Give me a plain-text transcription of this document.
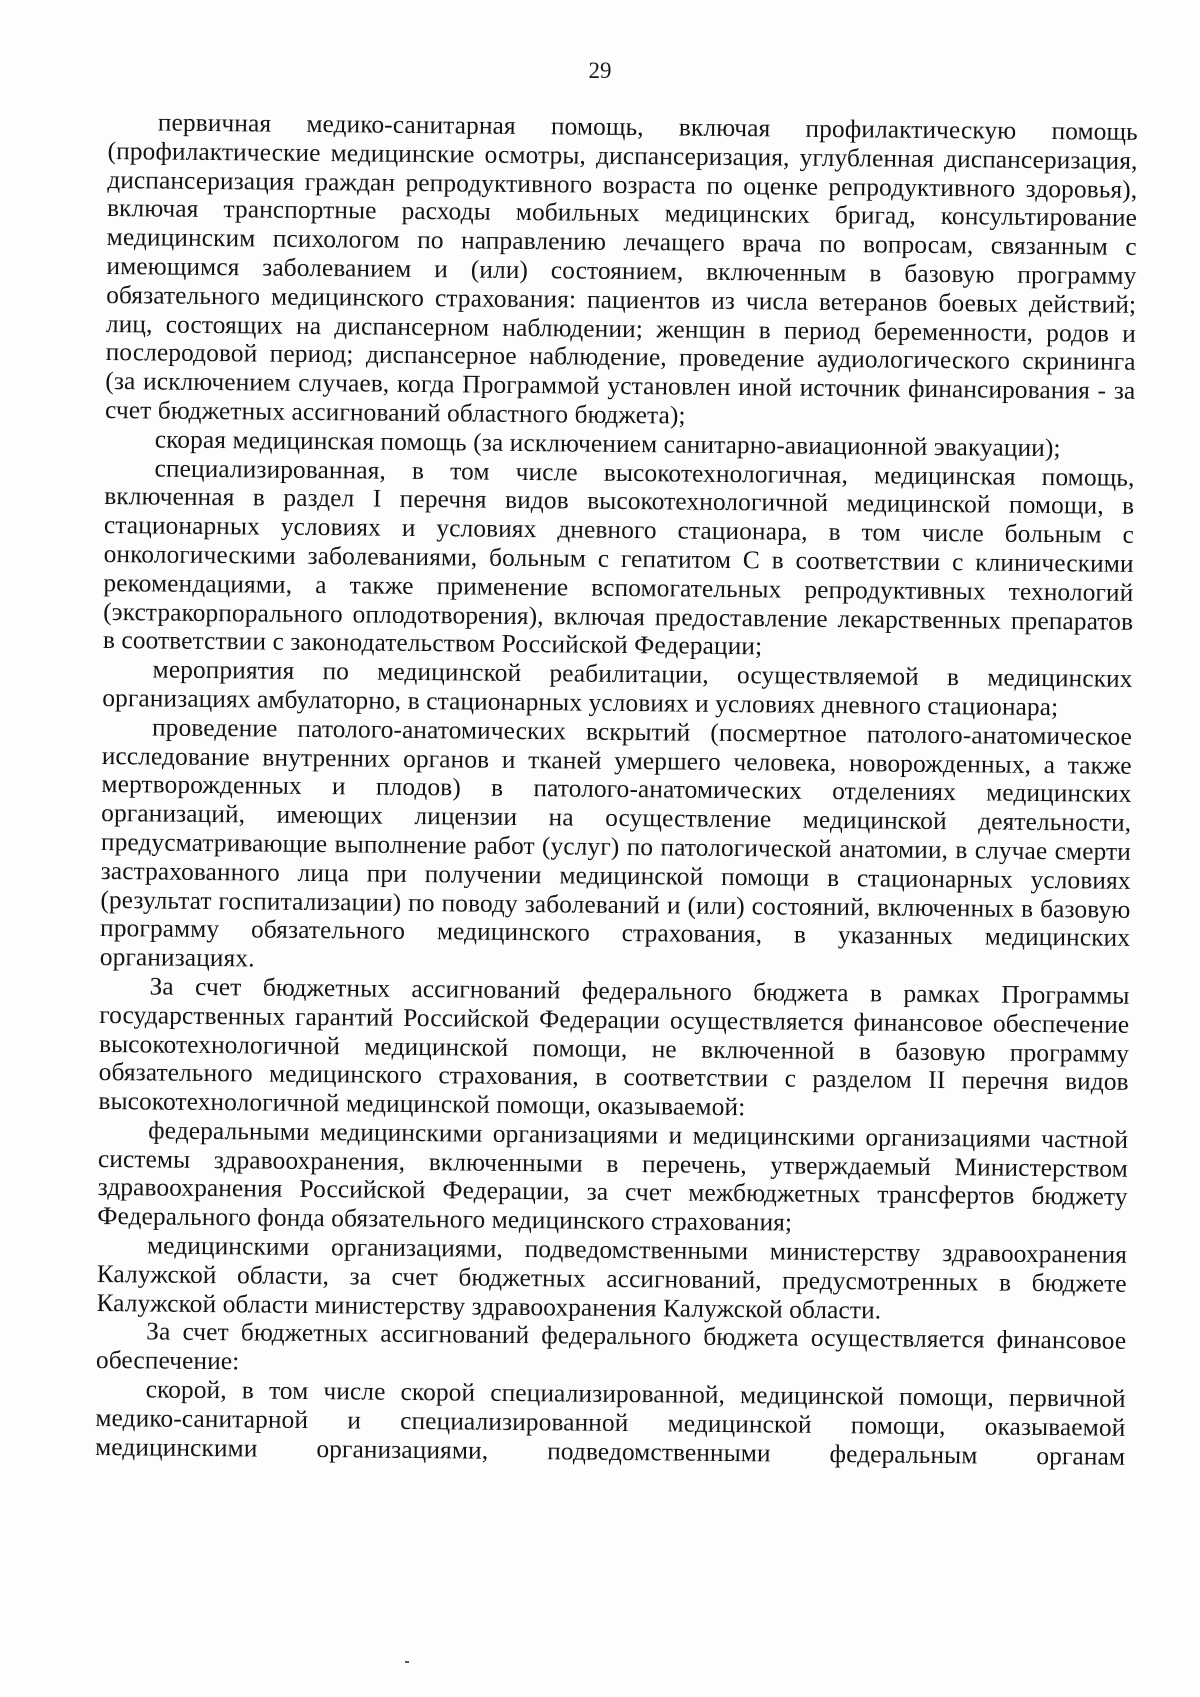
29

первичная медико-санитарная помощь, включая профилактическую помощь (профилактические медицинские осмотры, диспансеризация, углубленная диспансеризация, диспансеризация граждан репродуктивного возраста по оценке репродуктивного здоровья), включая транспортные расходы мобильных медицинских бригад, консультирование медицинским психологом по направлению лечащего врача по вопросам, связанным с имеющимся заболеванием и (или) состоянием, включенным в базовую программу обязательного медицинского страхования: пациентов из числа ветеранов боевых действий; лиц, состоящих на диспансерном наблюдении; женщин в период беременности, родов и послеродовой период; диспансерное наблюдение, проведение аудиологического скрининга (за исключением случаев, когда Программой установлен иной источник финансирования - за счет бюджетных ассигнований областного бюджета);

скорая медицинская помощь (за исключением санитарно-авиационной эвакуации);

специализированная, в том числе высокотехнологичная, медицинская помощь, включенная в раздел I перечня видов высокотехнологичной медицинской помощи, в стационарных условиях и условиях дневного стационара, в том числе больным с онкологическими заболеваниями, больным с гепатитом C в соответствии с клиническими рекомендациями, а также применение вспомогательных репродуктивных технологий (экстракорпорального оплодотворения), включая предоставление лекарственных препаратов в соответствии с законодательством Российской Федерации;

мероприятия по медицинской реабилитации, осуществляемой в медицинских организациях амбулаторно, в стационарных условиях и условиях дневного стационара;

проведение патолого-анатомических вскрытий (посмертное патолого-анатомическое исследование внутренних органов и тканей умершего человека, новорожденных, а также мертворожденных и плодов) в патолого-анатомических отделениях медицинских организаций, имеющих лицензии на осуществление медицинской деятельности, предусматривающие выполнение работ (услуг) по патологической анатомии, в случае смерти застрахованного лица при получении медицинской помощи в стационарных условиях (результат госпитализации) по поводу заболеваний и (или) состояний, включенных в базовую программу обязательного медицинского страхования, в указанных медицинских организациях.

За счет бюджетных ассигнований федерального бюджета в рамках Программы государственных гарантий Российской Федерации осуществляется финансовое обеспечение высокотехнологичной медицинской помощи, не включенной в базовую программу обязательного медицинского страхования, в соответствии с разделом II перечня видов высокотехнологичной медицинской помощи, оказываемой:

федеральными медицинскими организациями и медицинскими организациями частной системы здравоохранения, включенными в перечень, утверждаемый Министерством здравоохранения Российской Федерации, за счет межбюджетных трансфертов бюджету Федерального фонда обязательного медицинского страхования;

медицинскими организациями, подведомственными министерству здравоохранения Калужской области, за счет бюджетных ассигнований, предусмотренных в бюджете Калужской области министерству здравоохранения Калужской области.

За счет бюджетных ассигнований федерального бюджета осуществляется финансовое обеспечение:

скорой, в том числе скорой специализированной, медицинской помощи, первичной медико-санитарной и специализированной медицинской помощи, оказываемой медицинскими организациями, подведомственными федеральным органам
